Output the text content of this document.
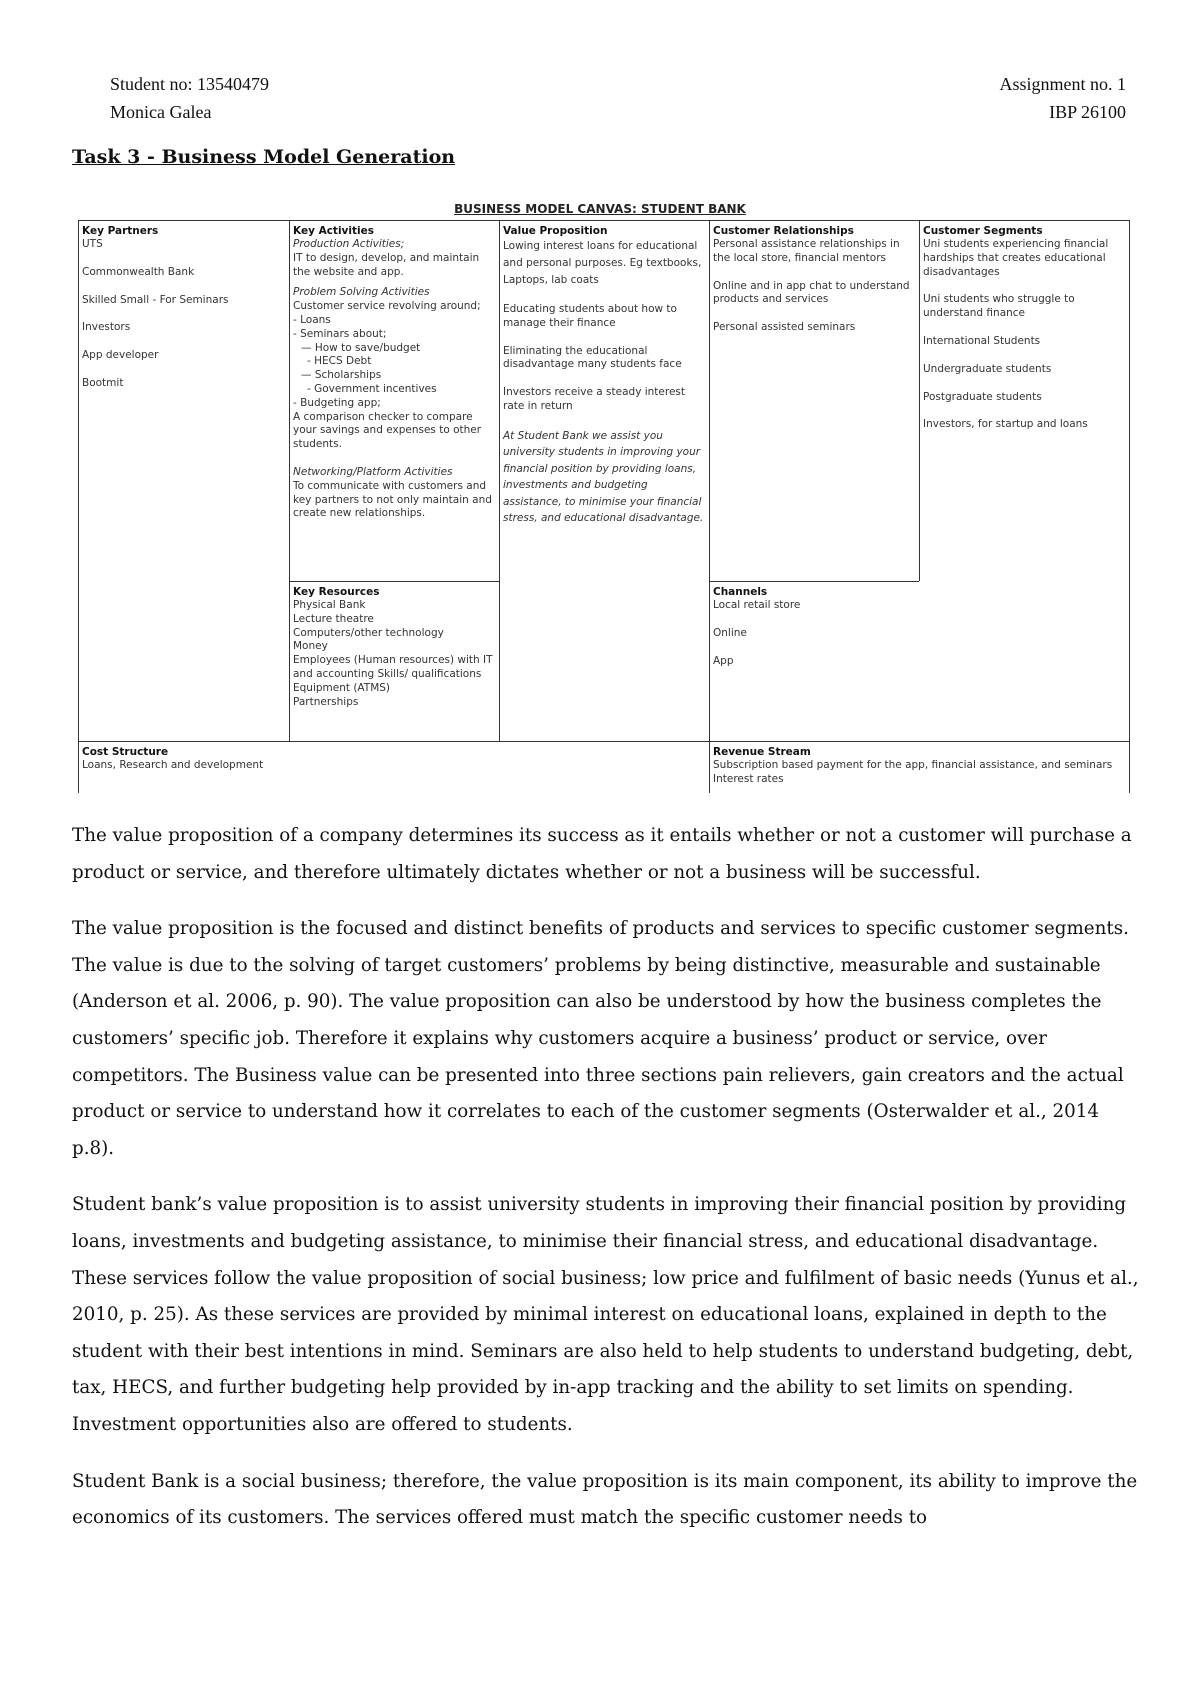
Student no: 13540479
Monica Galea
Assignment no. 1
IBP 26100
Task 3 - Business Model Generation
BUSINESS MODEL CANVAS: STUDENT BANK
Key Partners

UTS

Commonwealth Bank

Skilled Small - For Seminars

Investors

App developer

Bootmit

Key Activities

Production Activities;

IT to design, develop, and maintain the website and app.

Problem Solving Activities

Customer service revolving around;

- Loans

- Seminars about;

— How to save/budget

- HECS Debt

— Scholarships

- Government incentives

- Budgeting app;

A comparison checker to compare your savings and expenses to other students.

Networking/Platform Activities

To communicate with customers and key partners to not only maintain and create new relationships.

Key Resources

Physical Bank

Lecture theatre

Computers/other technology

Money

Employees (Human resources) with IT and accounting Skills/ qualifications

Equipment (ATMS)

Partnerships

Value Proposition

Lowing interest loans for educational and personal purposes. Eg textbooks, Laptops, lab coats

Educating students about how to manage their finance

Eliminating the educational disadvantage many students face

Investors receive a steady interest rate in return

At Student Bank we assist you university students in improving your financial position by providing loans, investments and budgeting assistance, to minimise your financial stress, and educational disadvantage.

Customer Relationships

Personal assistance relationships in the local store, financial mentors

Online and in app chat to understand products and services

Personal assisted seminars

Channels

Local retail store

Online

App

Customer Segments

Uni students experiencing financial hardships that creates educational disadvantages

Uni students who struggle to understand finance

International Students

Undergraduate students

Postgraduate students

Investors, for startup and loans

Cost Structure

Loans, Research and development

Revenue Stream

Subscription based payment for the app, financial assistance, and seminars Interest rates

The value proposition of a company determines its success as it entails whether or not a customer will purchase a product or service, and therefore ultimately dictates whether or not a business will be successful.

The value proposition is the focused and distinct benefits of products and services to specific customer segments. The value is due to the solving of target customers’ problems by being distinctive, measurable and sustainable (Anderson et al. 2006, p. 90). The value proposition can also be understood by how the business completes the customers’ specific job. Therefore it explains why customers acquire a business’ product or service, over competitors. The Business value can be presented into three sections pain relievers, gain creators and the actual product or service to understand how it correlates to each of the customer segments (Osterwalder et al., 2014 p.8).

Student bank’s value proposition is to assist university students in improving their financial position by providing loans, investments and budgeting assistance, to minimise their financial stress, and educational disadvantage. These services follow the value proposition of social business; low price and fulfilment of basic needs (Yunus et al., 2010, p. 25). As these services are provided by minimal interest on educational loans, explained in depth to the student with their best intentions in mind. Seminars are also held to help students to understand budgeting, debt, tax, HECS, and further budgeting help provided by in-app tracking and the ability to set limits on spending. Investment opportunities also are offered to students.

Student Bank is a social business; therefore, the value proposition is its main component, its ability to improve the economics of its customers. The services offered must match the specific customer needs to
